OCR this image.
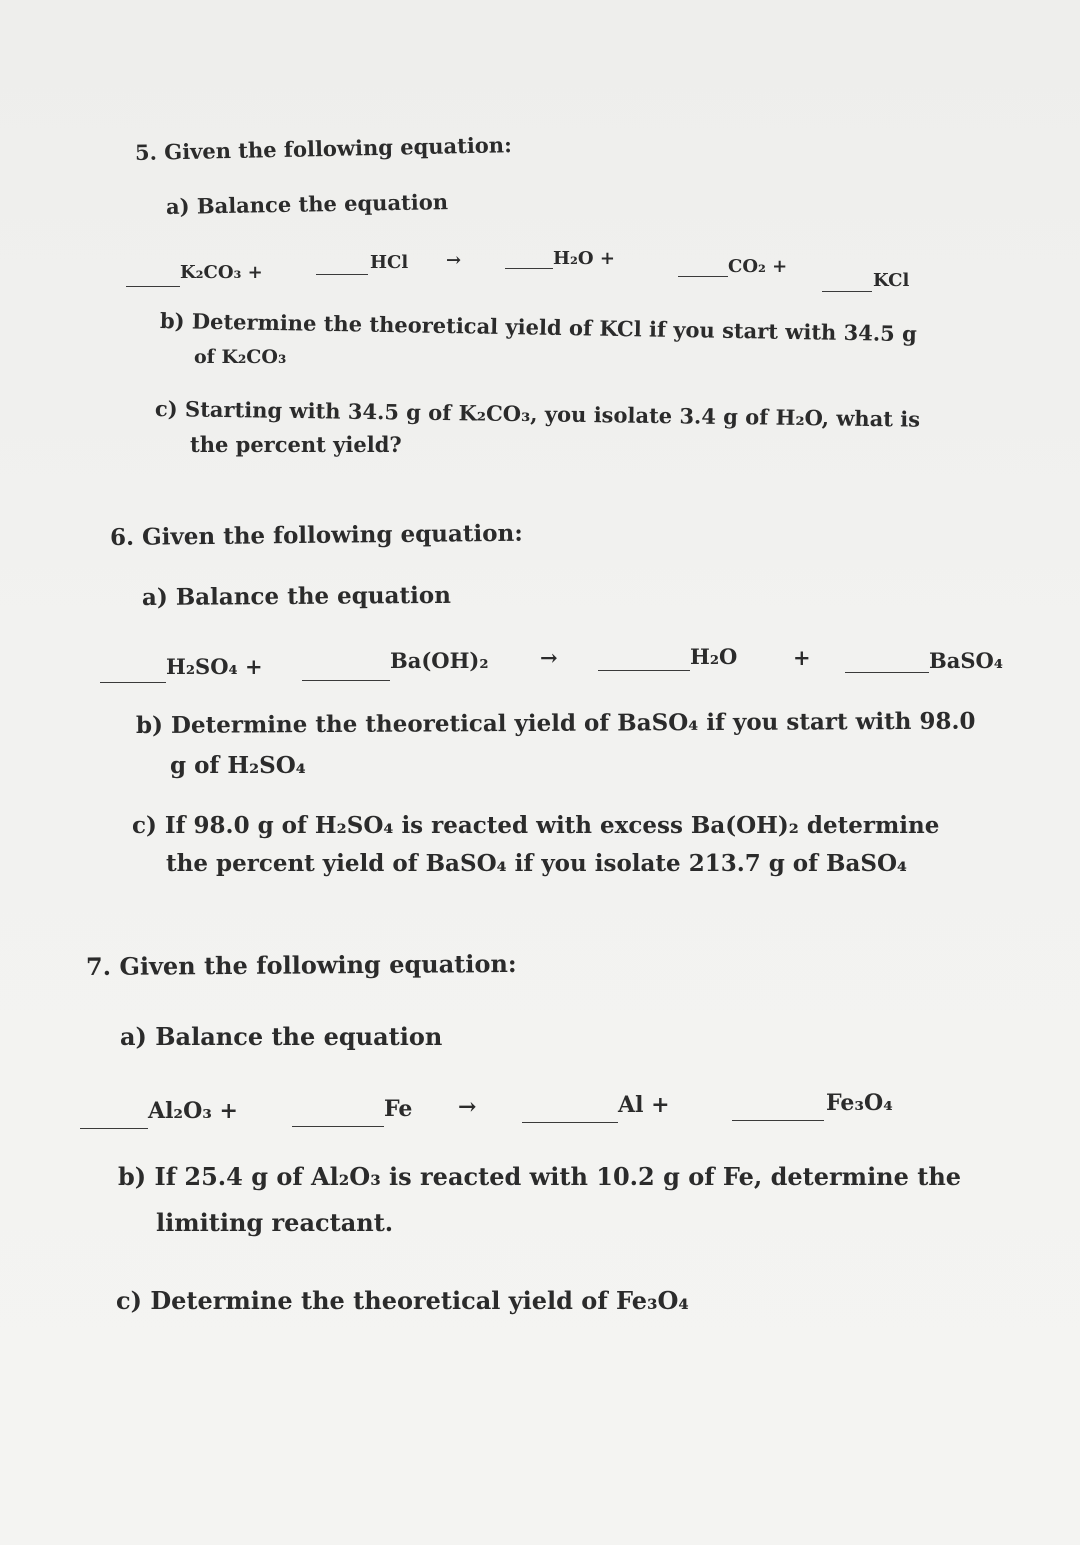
5. Given the following equation:

a) Balance the equation

K₂CO₃ +	HCl →	H₂O +	CO₂ +
KCl

b) Determine the theoretical yield of KCl if you start with 34.5 g

of K₂CO₃

c) Starting with 34.5 g of K₂CO₃, you isolate 3.4 g of H₂O, what is

the percent yield?

6. Given the following equation:

a) Balance the equation

H₂SO₄ +	Ba(OH)₂ →	H₂O	+	BaSO₄

b) Determine the theoretical yield of BaSO₄ if you start with 98.0

g of H₂SO₄

c) If 98.0 g of H₂SO₄ is reacted with excess Ba(OH)₂ determine

the percent yield of BaSO₄ if you isolate 213.7 g of BaSO₄

7. Given the following equation:

a) Balance the equation

Al₂O₃ +	Fe →	Al +	Fe₃O₄

b) If 25.4 g of Al₂O₃ is reacted with 10.2 g of Fe, determine the

limiting reactant.

c) Determine the theoretical yield of Fe₃O₄
